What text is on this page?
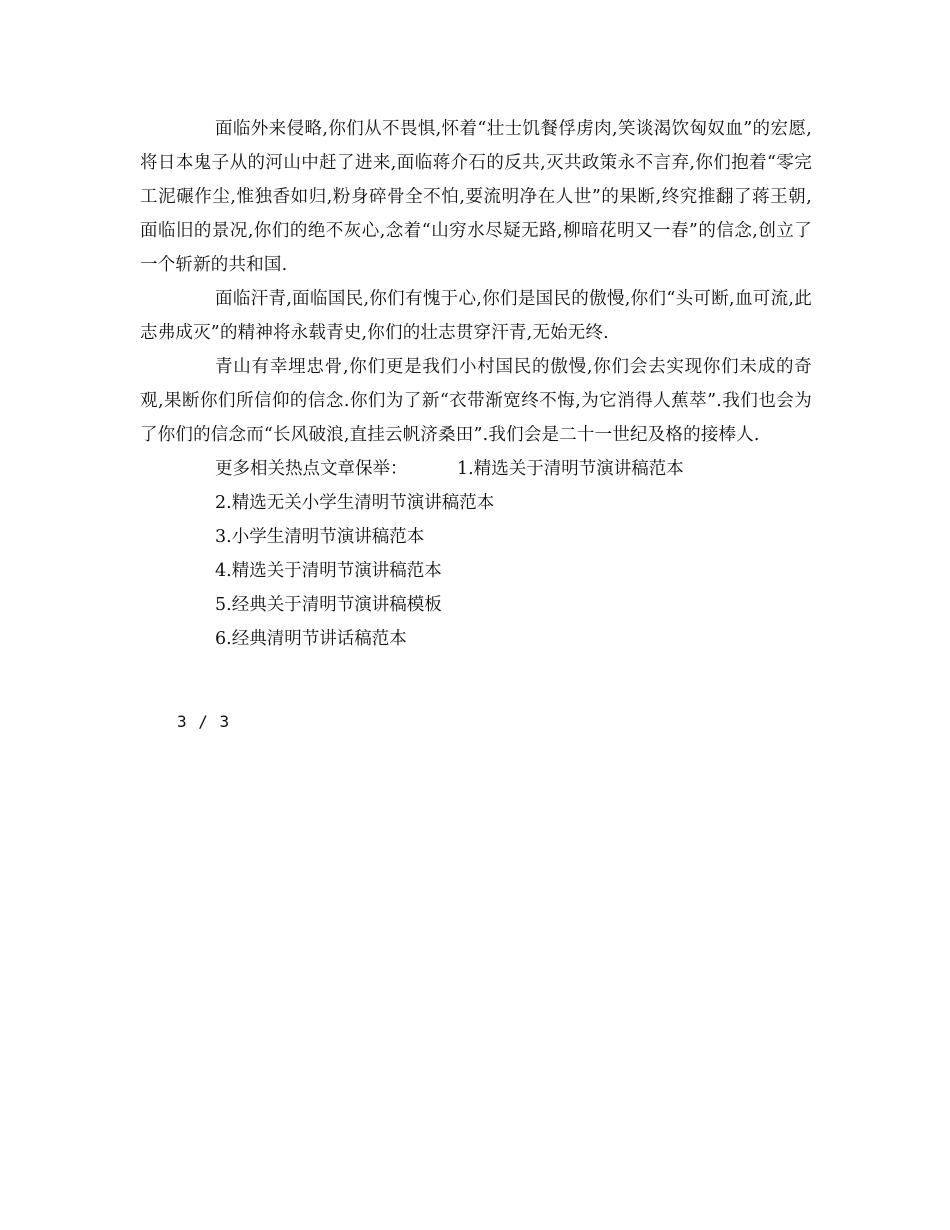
面临外来侵略,你们从不畏惧,怀着“壮士饥餐俘虏肉,笑谈渴饮匈奴血”的宏愿,将日本鬼子从的河山中赶了进来,面临蒋介石的反共,灭共政策永不言弃,你们抱着“零完工泥碾作尘,惟独香如归,粉身碎骨全不怕,要流明净在人世”的果断,终究推翻了蒋王朝,面临旧的景况,你们的绝不灰心,念着“山穷水尽疑无路,柳暗花明又一春”的信念,创立了一个斩新的共和国.

面临汗青,面临国民,你们有愧于心,你们是国民的傲慢,你们“头可断,血可流,此志弗成灭”的精神将永载青史,你们的壮志贯穿汗青,无始无终.

青山有幸埋忠骨,你们更是我们小村国民的傲慢,你们会去实现你们未成的奇观,果断你们所信仰的信念.你们为了新“衣带渐宽终不悔,为它消得人蕉萃”.我们也会为了你们的信念而“长风破浪,直挂云帆济桑田”.我们会是二十一世纪及格的接棒人.

更多相关热点文章保举：	1.精选关于清明节演讲稿范本
2.精选无关小学生清明节演讲稿范本
3.小学生清明节演讲稿范本
4.精选关于清明节演讲稿范本
5.经典关于清明节演讲稿模板
6.经典清明节讲话稿范本
3 / 3
